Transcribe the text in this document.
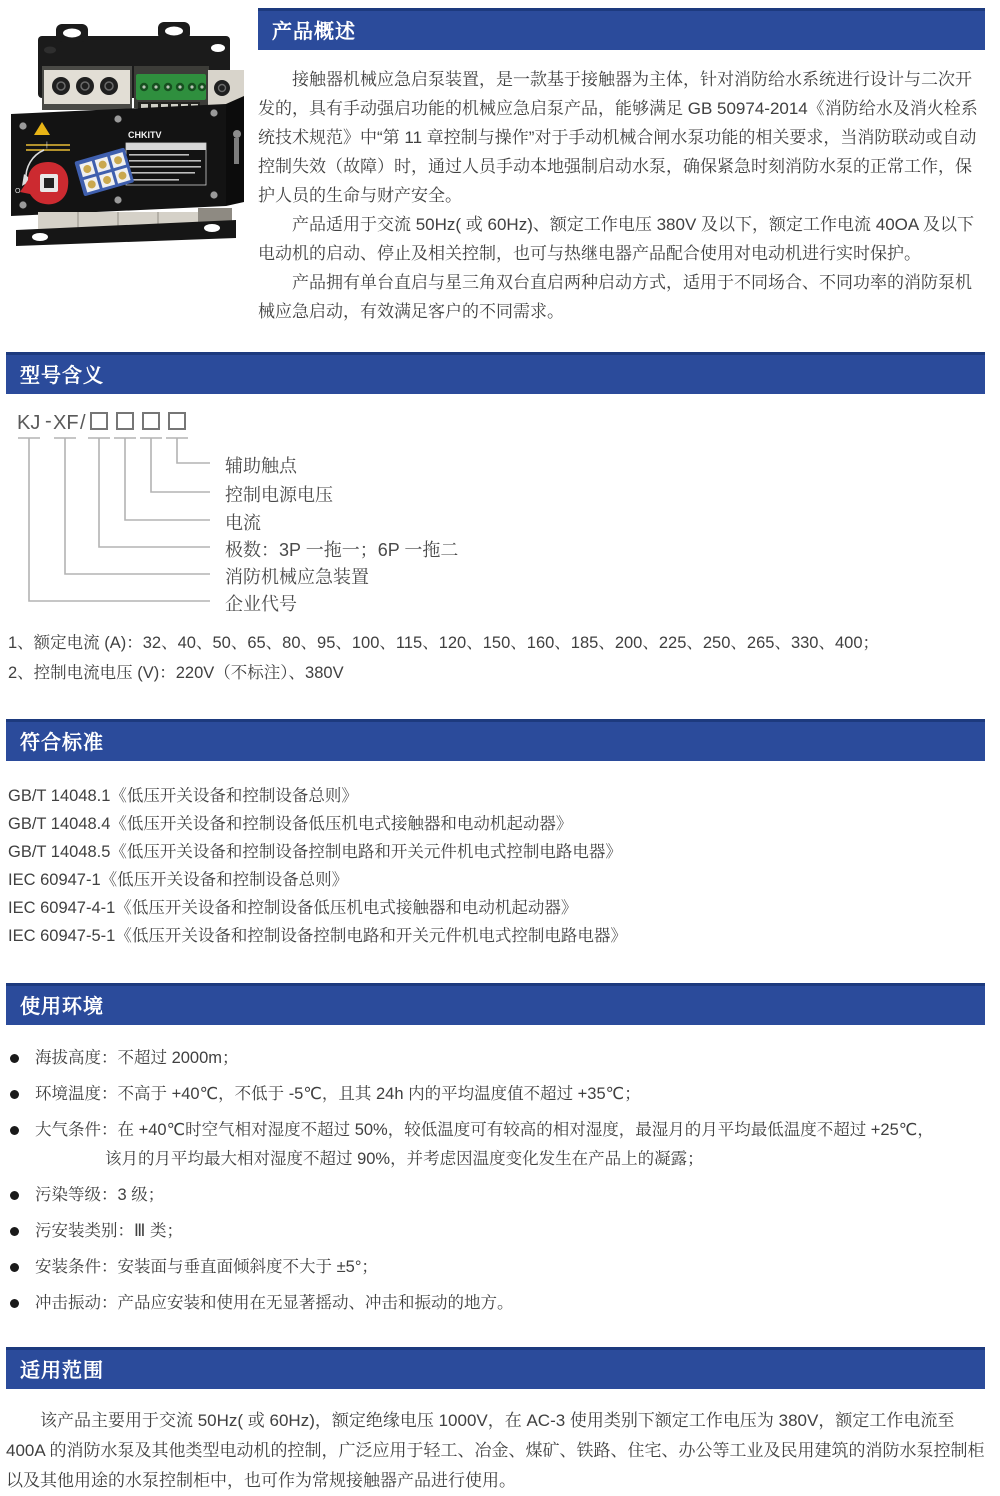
CHKITV
|
O
产品概述

接触器机械应急启泵装置，是一款基于接触器为主体，针对消防给水系统进行设计与二次开发的，具有手动强启功能的机械应急启泵产品，能够满足 GB 50974-2014《消防给水及消火栓系统技术规范》中“第 11 章控制与操作”对于手动机械合闸水泵功能的相关要求，当消防联动或自动控制失效（故障）时，通过人员手动本地强制启动水泵，确保紧急时刻消防水泵的正常工作，保护人员的生命与财产安全。

产品适用于交流 50Hz( 或 60Hz)、额定工作电压 380V 及以下，额定工作电流 40OA 及以下电动机的启动、停止及相关控制，也可与热继电器产品配合使用对电动机进行实时保护。

产品拥有单台直启与星三角双台直启两种启动方式，适用于不同场合、不同功率的消防泵机械应急启动，有效满足客户的不同需求。

型号含义
KJ - XF /
辅助触点
控制电源电压
电流
极数：3P 一拖一；6P 一拖二
消防机械应急装置
企业代号
1、额定电流 (A)：32、40、50、65、80、95、100、115、120、150、160、185、200、225、250、265、330、400；
2、控制电流电压 (V)：220V（不标注）、380V
符合标准
GB/T 14048.1《低压开关设备和控制设备总则》
GB/T 14048.4《低压开关设备和控制设备低压机电式接触器和电动机起动器》
GB/T 14048.5《低压开关设备和控制设备控制电路和开关元件机电式控制电路电器》
IEC 60947-1《低压开关设备和控制设备总则》
IEC 60947-4-1《低压开关设备和控制设备低压机电式接触器和电动机起动器》
IEC 60947-5-1《低压开关设备和控制设备控制电路和开关元件机电式控制电路电器》
使用环境
海拔高度：不超过 2000m；
环境温度：不高于 +40℃，不低于 -5℃，且其 24h 内的平均温度值不超过 +35℃；
大气条件：在 +40℃时空气相对湿度不超过 50%，较低温度可有较高的相对湿度，最湿月的月平均最低温度不超过 +25℃，
该月的月平均最大相对湿度不超过 90%，并考虑因温度变化发生在产品上的凝露；
污染等级：3 级；
污安装类别：Ⅲ 类；
安装条件：安装面与垂直面倾斜度不大于 ±5°；
冲击振动：产品应安装和使用在无显著摇动、冲击和振动的地方。
适用范围

该产品主要用于交流 50Hz( 或 60Hz)，额定绝缘电压 1000V，在 AC-3 使用类别下额定工作电压为 380V，额定工作电流至 400A 的消防水泵及其他类型电动机的控制，广泛应用于轻工、冶金、煤矿、铁路、住宅、办公等工业及民用建筑的消防水泵控制柜以及其他用途的水泵控制柜中，也可作为常规接触器产品进行使用。
